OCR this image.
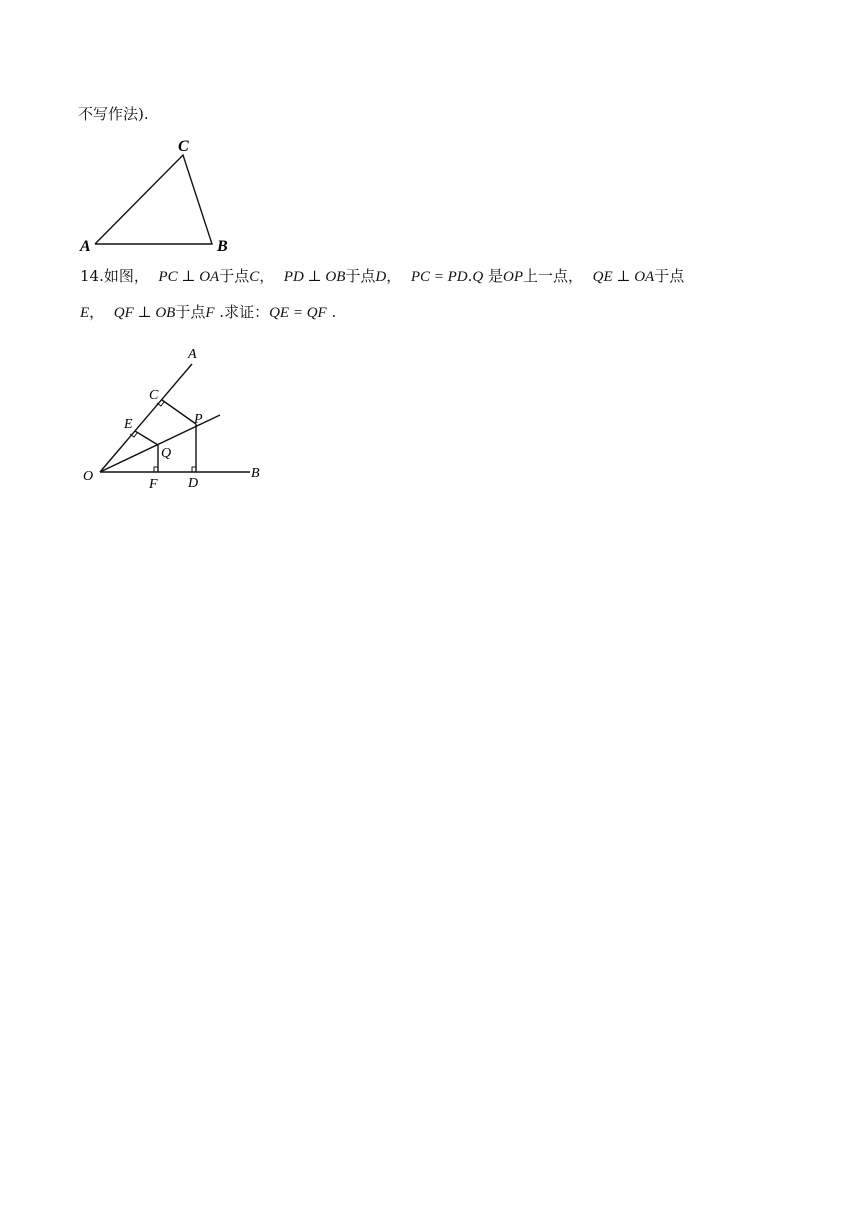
不写作法).
C
A	B
14.如图， PC ⊥ OA于点C， PD ⊥ OB于点D， PC = PD.Q 是OP上一点， QE ⊥ OA于点
E， QF ⊥ OB于点F .求证：QE = QF .
A
C
P
E
Q
O
F D
B
